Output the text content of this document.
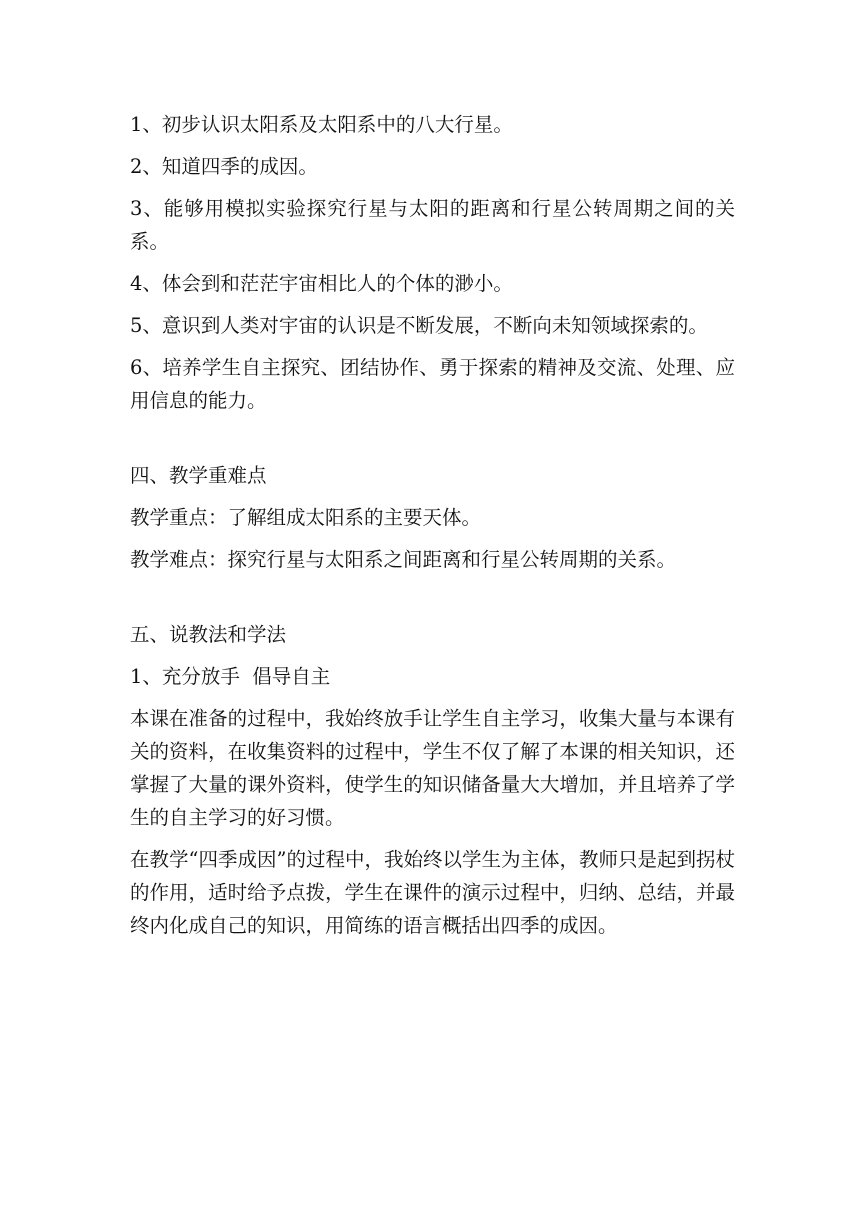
1、初步认识太阳系及太阳系中的八大行星。

2、知道四季的成因。

3、能够用模拟实验探究行星与太阳的距离和行星公转周期之间的关系。

4、体会到和茫茫宇宙相比人的个体的渺小。

5、意识到人类对宇宙的认识是不断发展，不断向未知领域探索的。

6、培养学生自主探究、团结协作、勇于探索的精神及交流、处理、应用信息的能力。

四、教学重难点

教学重点：了解组成太阳系的主要天体。

教学难点：探究行星与太阳系之间距离和行星公转周期的关系。

五、说教法和学法

1、充分放手  倡导自主

本课在准备的过程中，我始终放手让学生自主学习，收集大量与本课有关的资料，在收集资料的过程中，学生不仅了解了本课的相关知识，还掌握了大量的课外资料，使学生的知识储备量大大增加，并且培养了学生的自主学习的好习惯。

在教学“四季成因”的过程中，我始终以学生为主体，教师只是起到拐杖的作用，适时给予点拨，学生在课件的演示过程中，归纳、总结，并最终内化成自己的知识，用简练的语言概括出四季的成因。
